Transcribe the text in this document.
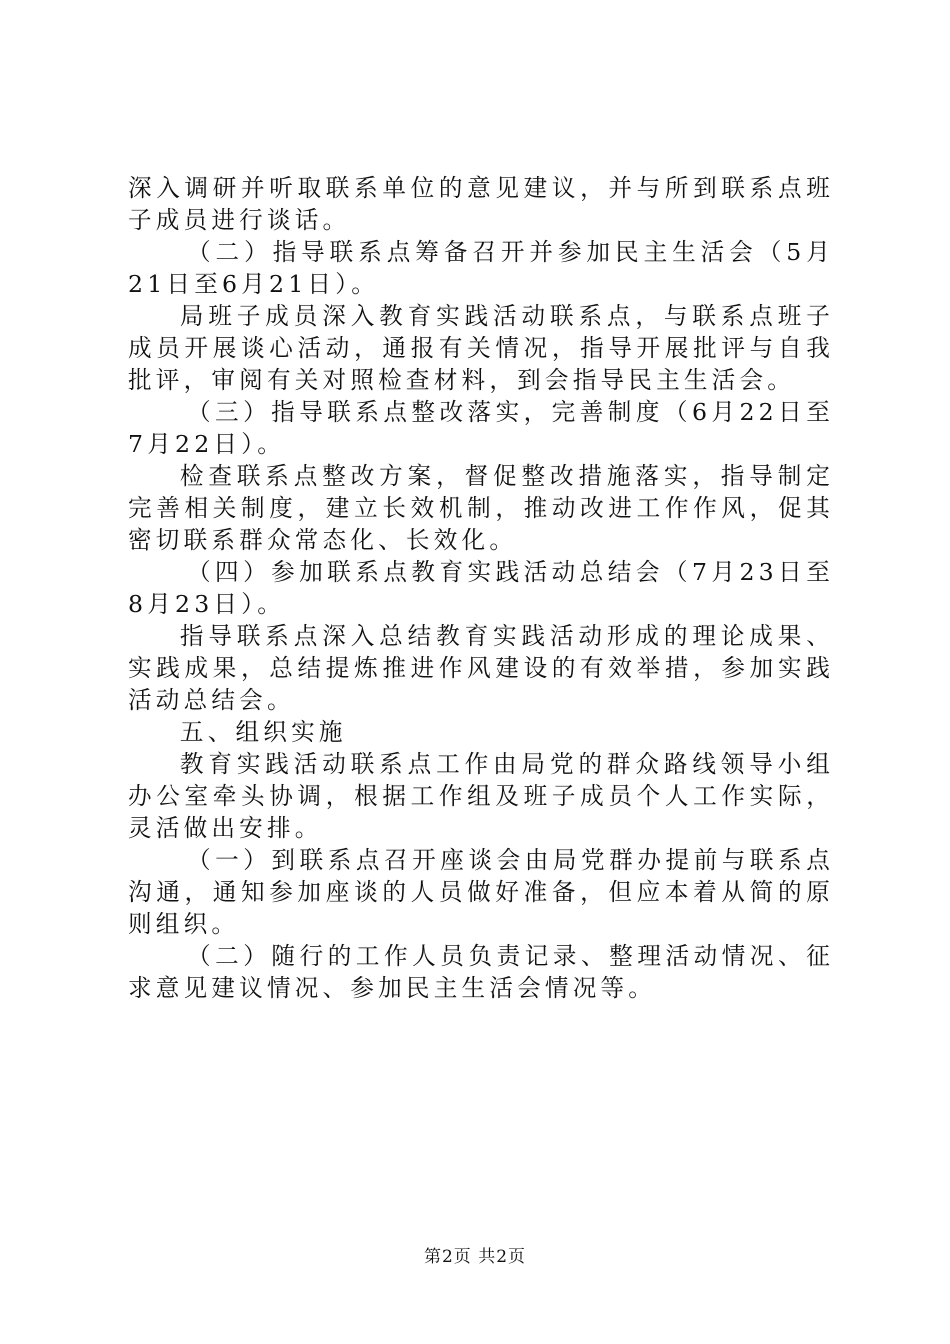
深入调研并听取联系单位的意见建议，并与所到联系点班子成员进行谈话。

（二）指导联系点筹备召开并参加民主生活会（5月21日至6月21日）。

局班子成员深入教育实践活动联系点，与联系点班子成员开展谈心活动，通报有关情况，指导开展批评与自我批评，审阅有关对照检查材料，到会指导民主生活会。

（三）指导联系点整改落实，完善制度（6月22日至7月22日）。

检查联系点整改方案，督促整改措施落实，指导制定完善相关制度，建立长效机制，推动改进工作作风，促其密切联系群众常态化、长效化。

（四）参加联系点教育实践活动总结会（7月23日至8月23日）。

指导联系点深入总结教育实践活动形成的理论成果、实践成果，总结提炼推进作风建设的有效举措，参加实践活动总结会。

五、组织实施

教育实践活动联系点工作由局党的群众路线领导小组办公室牵头协调，根据工作组及班子成员个人工作实际，灵活做出安排。

（一）到联系点召开座谈会由局党群办提前与联系点沟通，通知参加座谈的人员做好准备，但应本着从简的原则组织。

（二）随行的工作人员负责记录、整理活动情况、征求意见建议情况、参加民主生活会情况等。

第2页 共2页
